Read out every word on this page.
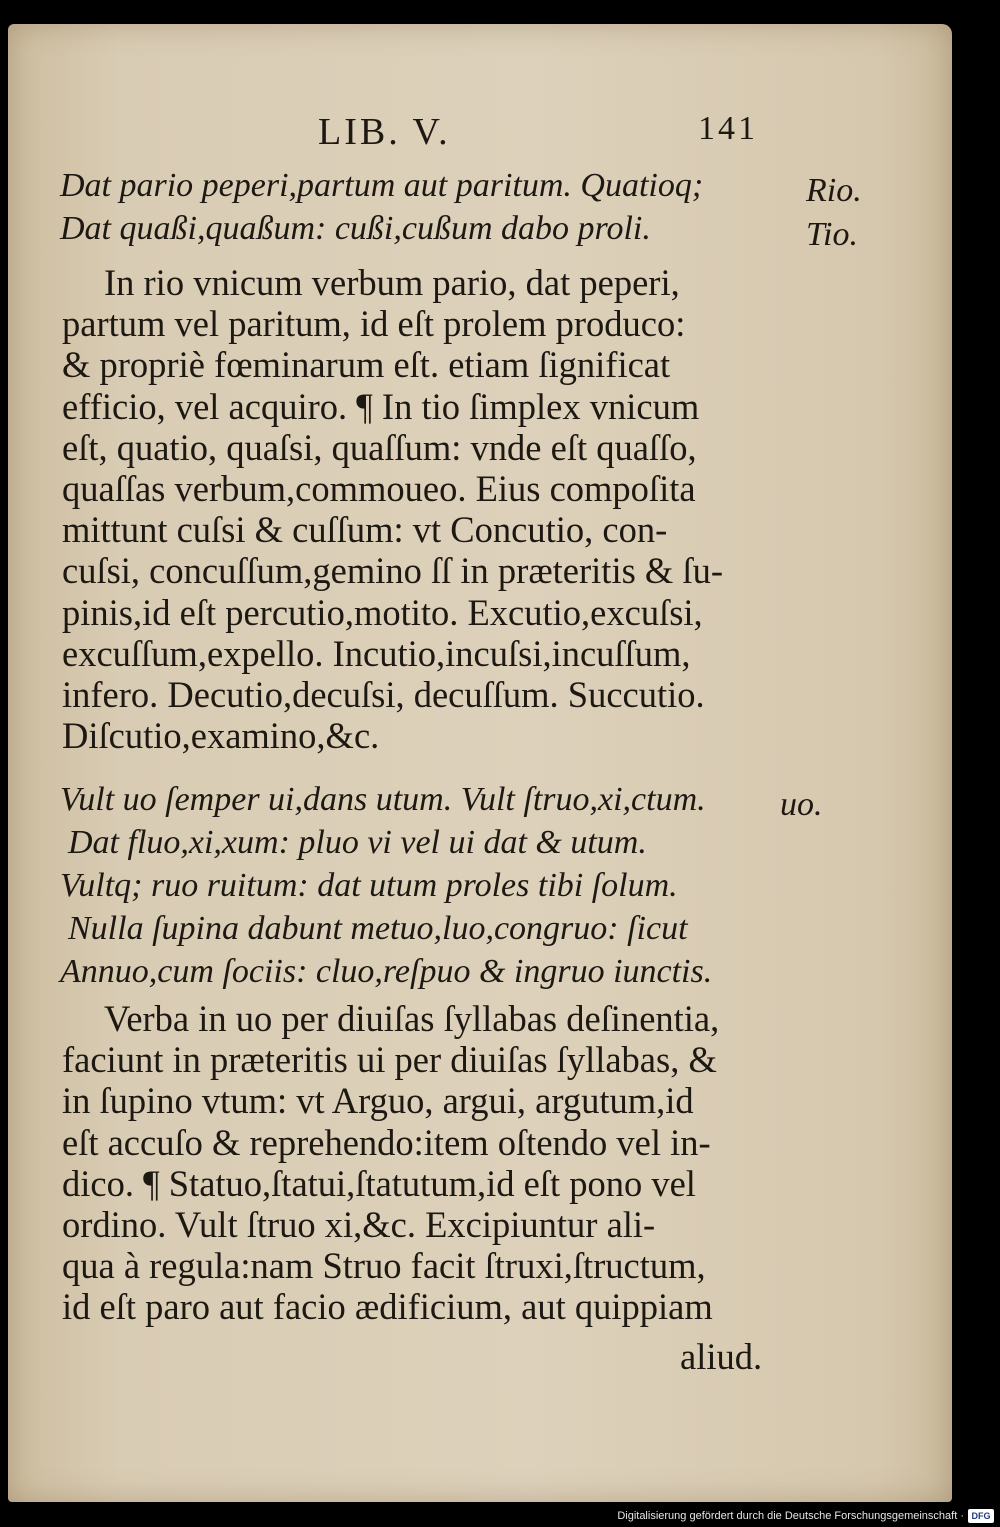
LIB. V.	141
Dat pario peperi,partum aut paritum. Quatioq;
Dat quaßi,quaßum: cußi,cußum dabo proli.
Rio.
Tio.
In rio vnicum verbum pario, dat peperi,
partum vel paritum, id eſt prolem produco:
& propriè fœminarum eſt. etiam ſignificat
efficio, vel acquiro. ¶ In tio ſimplex vnicum
eſt, quatio, quaſsi, quaſſum: vnde eſt quaſſo,
quaſſas verbum,commoueo. Eius compoſita
mittunt cuſsi & cuſſum: vt Concutio, con-
cuſsi, concuſſum,gemino ſſ in præteritis & ſu-
pinis,id eſt percutio,motito. Excutio,excuſsi,
excuſſum,expello. Incutio,incuſsi,incuſſum,
infero. Decutio,decuſsi, decuſſum. Succutio.
Diſcutio,examino,&c.
Vult uo ſemper ui,dans utum. Vult ſtruo,xi,ctum.
Dat fluo,xi,xum: pluo vi vel ui dat & utum.
Vultq; ruo ruitum: dat utum proles tibi ſolum.
Nulla ſupina dabunt metuo,luo,congruo: ſicut
Annuo,cum ſociis: cluo,reſpuo & ingruo iunctis.
uo.
Verba in uo per diuiſas ſyllabas deſinentia,
faciunt in præteritis ui per diuiſas ſyllabas, &
in ſupino vtum: vt Arguo, argui, argutum,id
eſt accuſo & reprehendo:item oſtendo vel in-
dico. ¶ Statuo,ſtatui,ſtatutum,id eſt pono vel
ordino. Vult ſtruo xi,&c. Excipiuntur ali-
qua à regula:nam Struo facit ſtruxi,ſtructum,
id eſt paro aut facio ædificium, aut quippiam
aliud.
Digitalisierung gefördert durch die Deutsche Forschungsgemeinschaft · DFG
